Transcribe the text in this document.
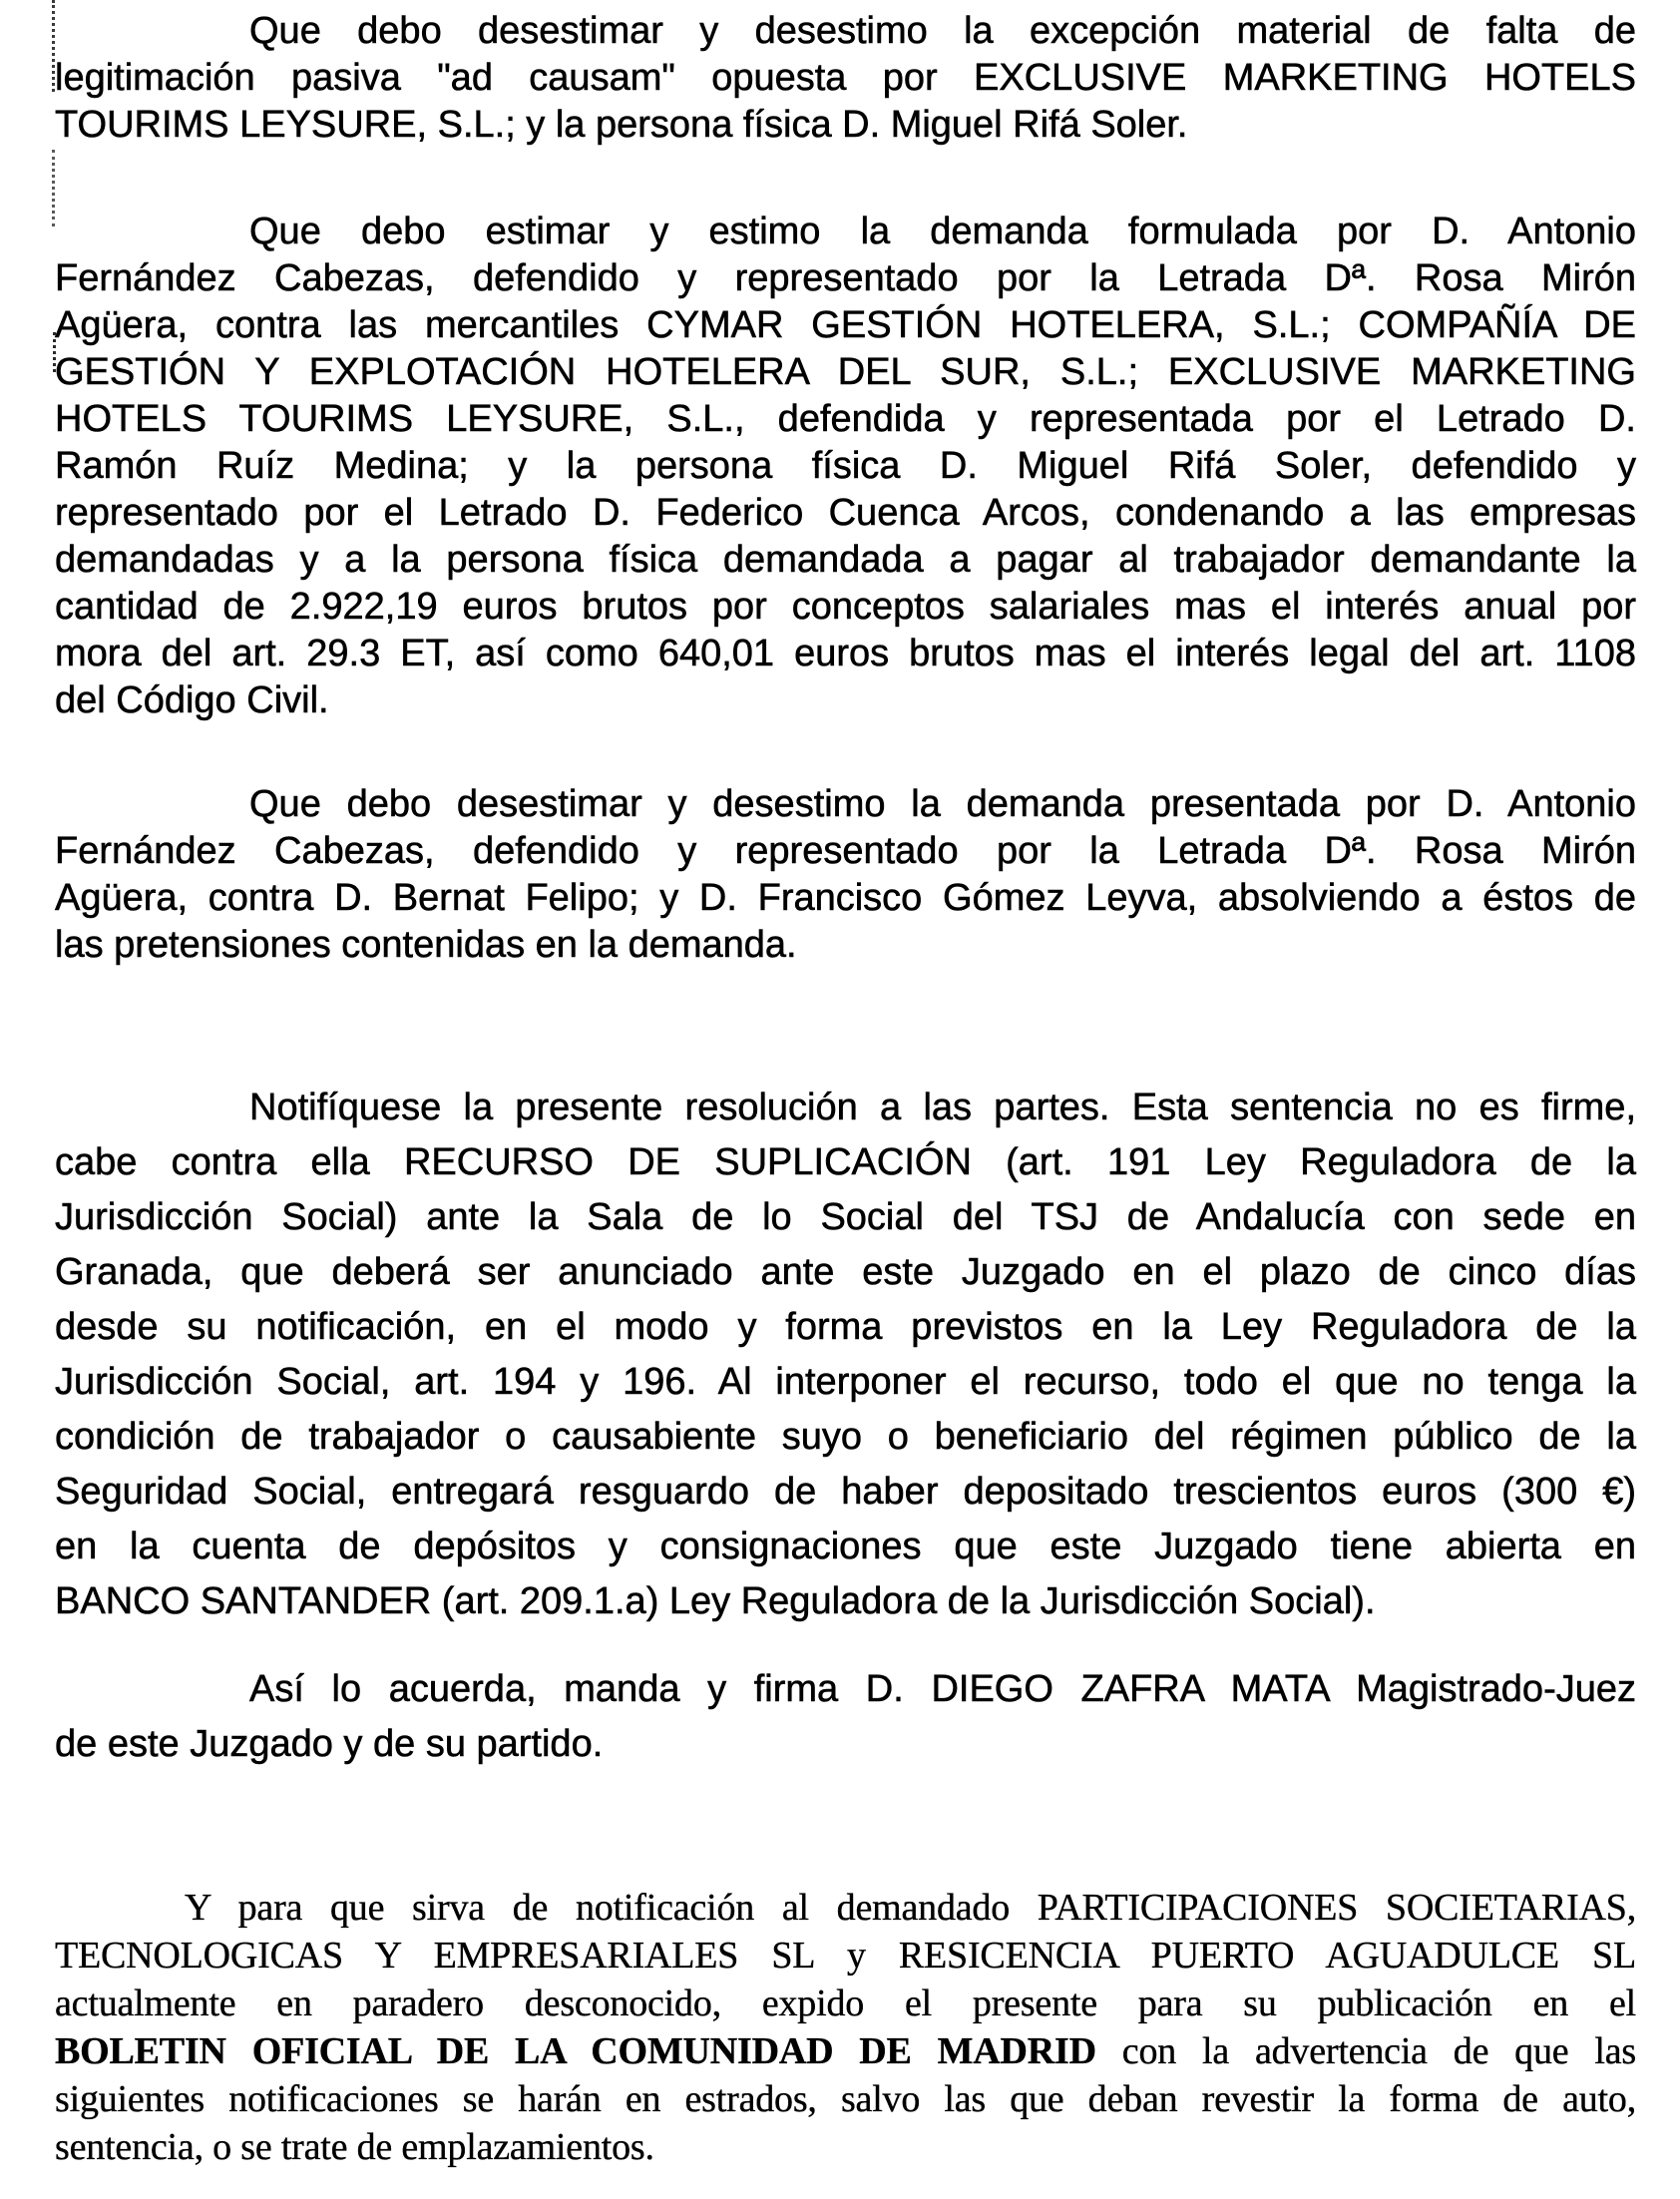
Que debo desestimar y desestimo la excepción material de falta de
legitimación pasiva "ad causam" opuesta por EXCLUSIVE MARKETING HOTELS
TOURIMS LEYSURE, S.L.; y la persona física D. Miguel Rifá Soler.
Que debo estimar y estimo la demanda formulada por D. Antonio
Fernández Cabezas, defendido y representado por la Letrada Dª. Rosa Mirón
Agüera, contra las mercantiles CYMAR GESTIÓN HOTELERA, S.L.; COMPAÑÍA DE
GESTIÓN Y EXPLOTACIÓN HOTELERA DEL SUR, S.L.; EXCLUSIVE MARKETING
HOTELS TOURIMS LEYSURE, S.L., defendida y representada por el Letrado D.
Ramón Ruíz Medina; y la persona física D. Miguel Rifá Soler, defendido y
representado por el Letrado D. Federico Cuenca Arcos, condenando a las empresas
demandadas y a la persona física demandada a pagar al trabajador demandante la
cantidad de 2.922,19 euros brutos por conceptos salariales mas el interés anual por
mora del art. 29.3 ET, así como 640,01 euros brutos mas el interés legal del art. 1108
del Código Civil.
Que debo desestimar y desestimo la demanda presentada por D. Antonio
Fernández Cabezas, defendido y representado por la Letrada Dª. Rosa Mirón
Agüera, contra D. Bernat Felipo; y D. Francisco Gómez Leyva, absolviendo a éstos de
las pretensiones contenidas en la demanda.
Notifíquese la presente resolución a las partes. Esta sentencia no es firme,
cabe contra ella RECURSO DE SUPLICACIÓN (art. 191 Ley Reguladora de la
Jurisdicción Social) ante la Sala de lo Social del TSJ de Andalucía con sede en
Granada, que deberá ser anunciado ante este Juzgado en el plazo de cinco días
desde su notificación, en el modo y forma previstos en la Ley Reguladora de la
Jurisdicción Social, art. 194 y 196. Al interponer el recurso, todo el que no tenga la
condición de trabajador o causabiente suyo o beneficiario del régimen público de la
Seguridad Social, entregará resguardo de haber depositado trescientos euros (300 €)
en la cuenta de depósitos y consignaciones que este Juzgado tiene abierta en
BANCO SANTANDER (art. 209.1.a) Ley Reguladora de la Jurisdicción Social).
Así lo acuerda, manda y firma D. DIEGO ZAFRA MATA Magistrado-Juez
de este Juzgado y de su partido.
Y para que sirva de notificación al demandado PARTICIPACIONES SOCIETARIAS,
TECNOLOGICAS Y EMPRESARIALES SL y RESICENCIA PUERTO AGUADULCE SL
actualmente en paradero desconocido, expido el presente para su publicación en el
BOLETIN OFICIAL DE LA COMUNIDAD DE MADRID con la advertencia de que las
siguientes notificaciones se harán en estrados, salvo las que deban revestir la forma de auto,
sentencia, o se trate de emplazamientos.
